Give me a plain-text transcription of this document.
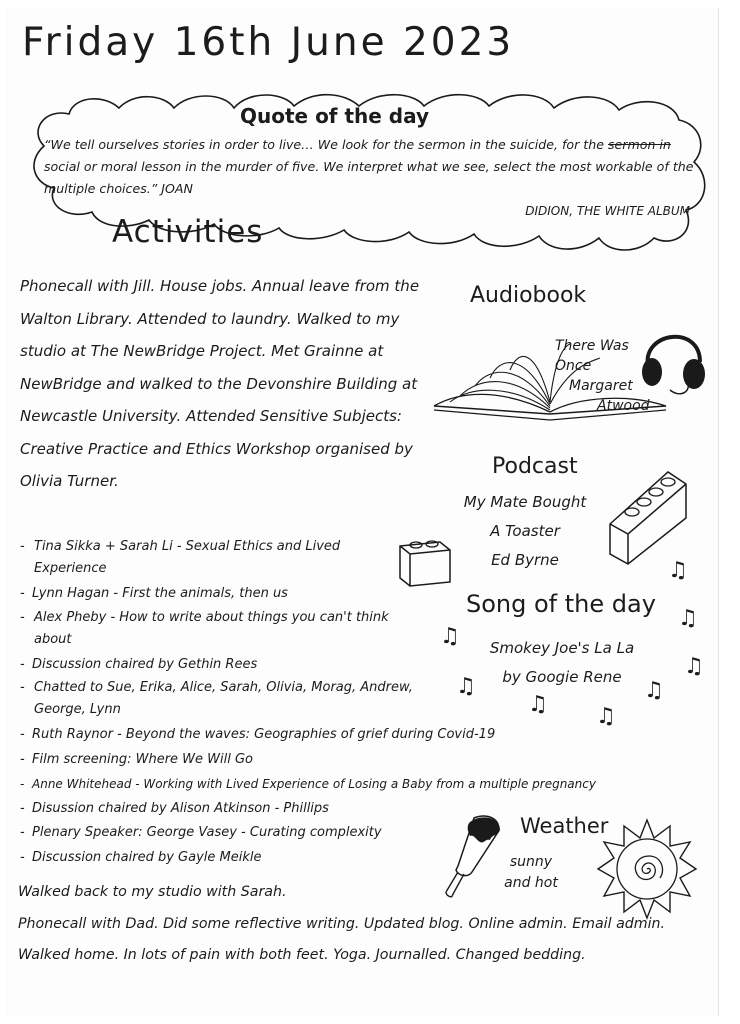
Friday 16th June 2023
Quote of the day
“We tell ourselves stories in order to live… We look for the sermon in the suicide, for the sermon in social or moral lesson in the murder of five. We interpret what we see, select the most workable of the multiple choices.” JOAN

DIDION, THE WHITE ALBUM
Activities
Phonecall with Jill. House jobs. Annual leave from the Walton Library. Attended to laundry. Walked to my studio at The NewBridge Project. Met Grainne at NewBridge and walked to the Devonshire Building at Newcastle University. Attended Sensitive Subjects: Creative Practice and Ethics Workshop organised by Olivia Turner.
- Tina Sikka + Sarah Li - Sexual Ethics and Lived Experience
- Lynn Hagan - First the animals, then us
- Alex Pheby - How to write about things you can't think about
- Discussion chaired by Gethin Rees
- Chatted to Sue, Erika, Alice, Sarah, Olivia, Morag, Andrew, George, Lynn
- Ruth Raynor - Beyond the waves: Geographies of grief during Covid-19
- Film screening: Where We Will Go
- Anne Whitehead - Working with Lived Experience of Losing a Baby from a multiple pregnancy
- Disussion chaired by Alison Atkinson - Phillips
- Plenary Speaker: George Vasey - Curating complexity
- Discussion chaired by Gayle Meikle
Walked back to my studio with Sarah.
Phonecall with Dad. Did some reflective writing. Updated blog. Online admin. Email admin. Walked home. In lots of pain with both feet. Yoga. Journalled. Changed bedding.
Audiobook
There Was
Once
Margaret
Atwood
Podcast
My Mate Bought
A Toaster
Ed Byrne
Song of the day
Smokey Joe's La La
by Googie Rene
♫
♫
♫
♫
♫	♫
♫ ♫
Weather
sunny
and hot
